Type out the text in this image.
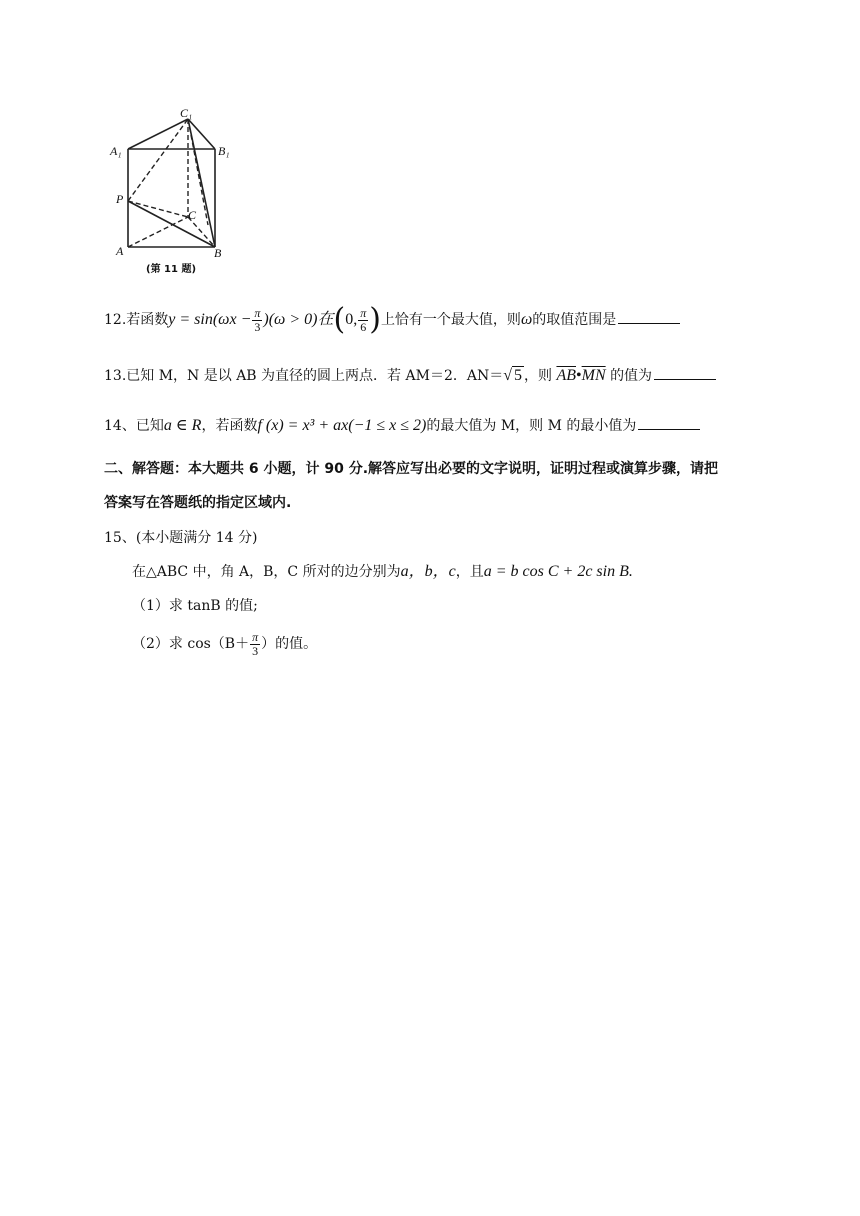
C₁
A₁	B₁
P
C
A	B
(第 11 题)
12.若函数$y = \sin(\omega x - \frac{\pi}{3} )(\omega > 0)$在(0, $\frac{\pi}{6}$ )上恰有一个最大值，则ω的取值范围是
13.已知 M，N 是以 AB 为直径的圆上两点．若 AM＝2．AN＝√ 5 ，则 $\overline{AB}•\overline{MN}$ 的值为
14、已知a ∈ R，若函数f (x) = x³ + ax(−1 ≤ x ≤ 2)的最大值为 M，则 M 的最小值为
二、解答题：本大题共 6 小题，计 90 分.解答应写出必要的文字说明，证明过程或演算步骤，请把
答案写在答题纸的指定区域内.
15、(本小题满分 14 分)
在△ABC 中，角 A，B，C 所对的边分别为a，b，c，且a = b cos C + 2c sin B.
（1）求 tanB 的值;
（2）求 $\cos(B+ \frac{\pi}{3}$ ）的值。
